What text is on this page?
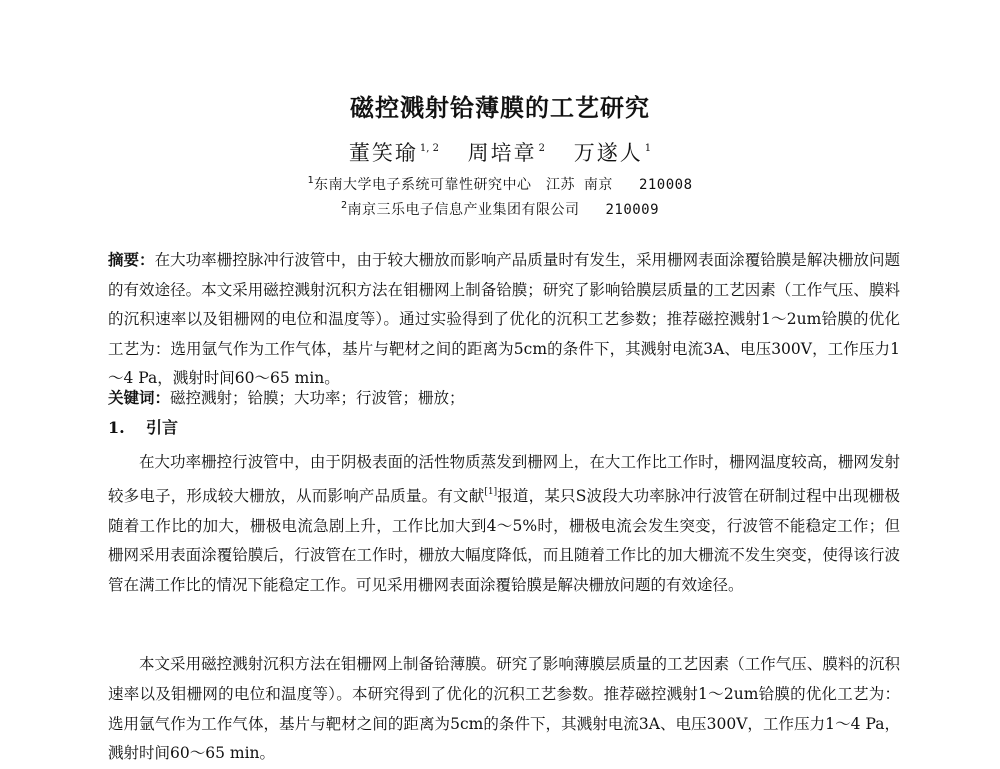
磁控溅射铪薄膜的工艺研究
董笑瑜 $^{1, 2}$ 周培章 $^2$ 万遂人 $^1$
$^1$东南大学电子系统可靠性研究中心　江苏 南京 210008
$^2$南京三乐电子信息产业集团有限公司 210009
摘要：在大功率栅控脉冲行波管中，由于较大栅放而影响产品质量时有发生，采用栅网表面涂覆铪膜是解决栅放问题的有效途径。本文采用磁控溅射沉积方法在钼栅网上制备铪膜；研究了影响铪膜层质量的工艺因素（工作气压、膜料的沉积速率以及钼栅网的电位和温度等）。通过实验得到了优化的沉积工艺参数；推荐磁控溅射1～2um铪膜的优化工艺为：选用氩气作为工作气体，基片与靶材之间的距离为5cm的条件下，其溅射电流3A、电压300V，工作压力1～4 Pa，溅射时间60～65 min。
关键词：磁控溅射；铪膜；大功率；行波管；栅放；
1. 引言
在大功率栅控行波管中，由于阴极表面的活性物质蒸发到栅网上，在大工作比工作时，栅网温度较高，栅网发射较多电子，形成较大栅放，从而影响产品质量。有文献[1]报道，某只S波段大功率脉冲行波管在研制过程中出现栅极随着工作比的加大，栅极电流急剧上升，工作比加大到4～5%时，栅极电流会发生突变，行波管不能稳定工作；但栅网采用表面涂覆铪膜后，行波管在工作时，栅放大幅度降低，而且随着工作比的加大栅流不发生突变，使得该行波管在满工作比的情况下能稳定工作。可见采用栅网表面涂覆铪膜是解决栅放问题的有效途径。
本文采用磁控溅射沉积方法在钼栅网上制备铪薄膜。研究了影响薄膜层质量的工艺因素（工作气压、膜料的沉积速率以及钼栅网的电位和温度等）。本研究得到了优化的沉积工艺参数。推荐磁控溅射1～2um铪膜的优化工艺为：选用氩气作为工作气体，基片与靶材之间的距离为5cm的条件下，其溅射电流3A、电压300V，工作压力1～4 Pa，溅射时间60～65 min。
